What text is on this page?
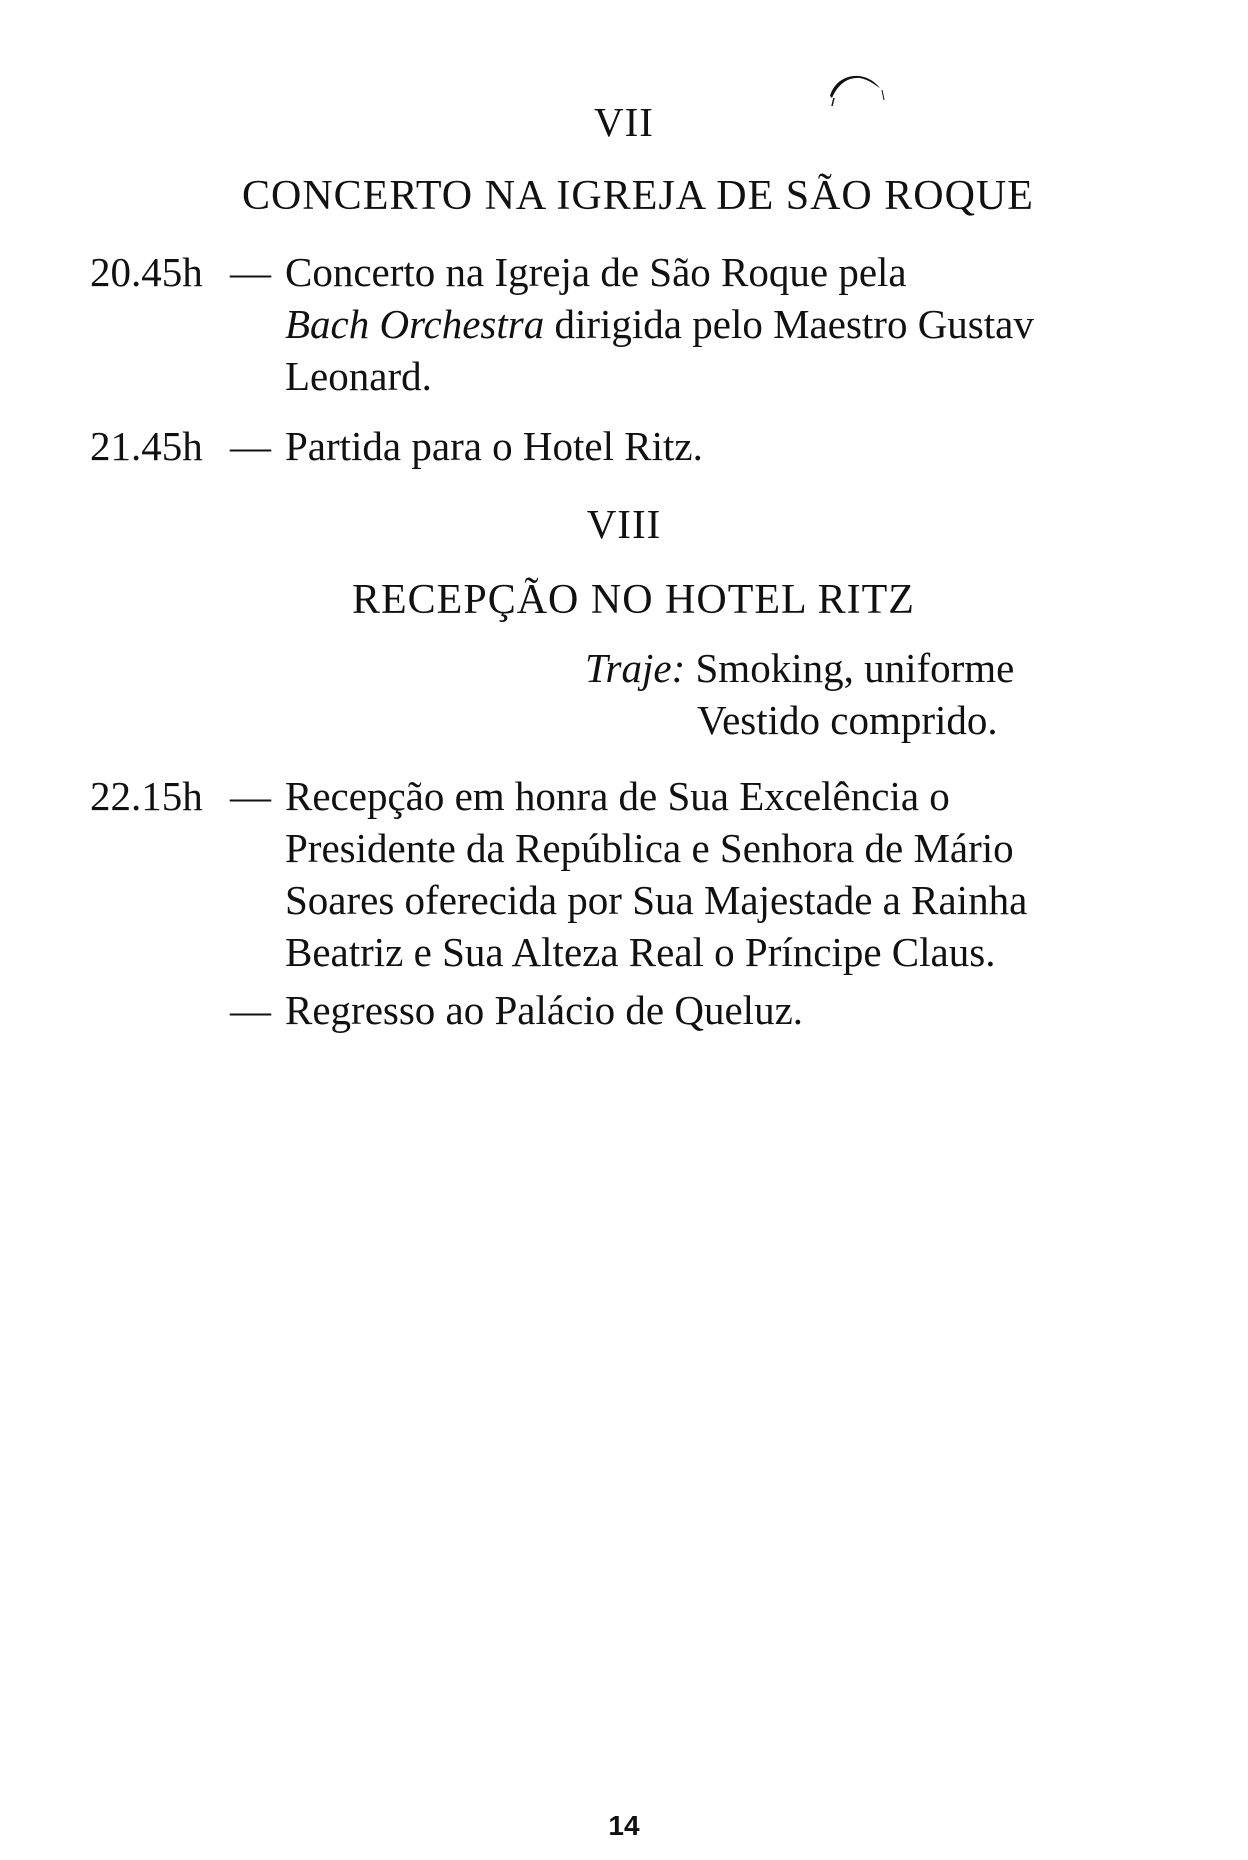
VII
CONCERTO NA IGREJA DE SÃO ROQUE
20.45h — Concerto na Igreja de São Roque pela
Bach Orchestra dirigida pelo Maestro Gustav
Leonard.
21.45h — Partida para o Hotel Ritz.
VIII
RECEPÇÃO NO HOTEL RITZ
Traje: Smoking, uniforme
Vestido comprido.
22.15h — Recepção em honra de Sua Excelência o
Presidente da República e Senhora de Mário
Soares oferecida por Sua Majestade a Rainha
Beatriz e Sua Alteza Real o Príncipe Claus.
— Regresso ao Palácio de Queluz.
14
